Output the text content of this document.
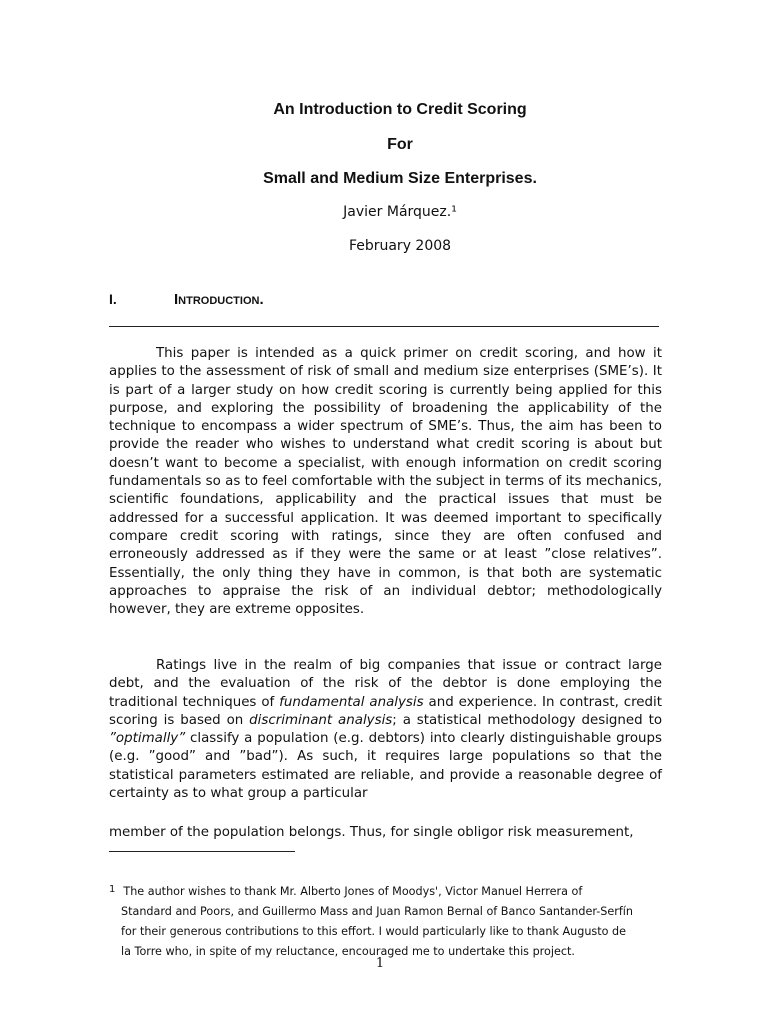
An Introduction to Credit Scoring
For
Small and Medium Size Enterprises.
Javier Márquez.¹
February 2008
I.	Introduction.

This paper is intended as a quick primer on credit scoring, and how it applies to the assessment of risk of small and medium size enterprises (SME’s). It is part of a larger study on how credit scoring is currently being applied for this purpose, and exploring the possibility of broadening the applicability of the technique to encompass a wider spectrum of SME’s. Thus, the aim has been to provide the reader who wishes to understand what credit scoring is about but doesn’t want to become a specialist, with enough information on credit scoring fundamentals so as to feel comfortable with the subject in terms of its mechanics, scientific foundations, applicability and the practical issues that must be addressed for a successful application. It was deemed important to specifically compare credit scoring with ratings, since they are often confused and erroneously addressed as if they were the same or at least ”close relatives”. Essentially, the only thing they have in common, is that both are systematic approaches to appraise the risk of an individual debtor; methodologically however, they are extreme opposites.

Ratings live in the realm of big companies that issue or contract large debt, and the evaluation of the risk of the debtor is done employing the traditional techniques of fundamental analysis and experience. In contrast, credit scoring is based on discriminant analysis; a statistical methodology designed to ”optimally” classify a population (e.g. debtors) into clearly distinguishable groups (e.g. ”good” and ”bad”). As such, it requires large populations so that the statistical parameters estimated are reliable, and provide a reasonable degree of certainty as to what group a particular

member of the population belongs. Thus, for single obligor risk measurement,
1 The author wishes to thank Mr. Alberto Jones of Moodys', Victor Manuel Herrera of
Standard and Poors, and Guillermo Mass and Juan Ramon Bernal of Banco Santander-Serfín
for their generous contributions to this effort. I would particularly like to thank Augusto de
la Torre who, in spite of my reluctance, encouraged me to undertake this project.
1
